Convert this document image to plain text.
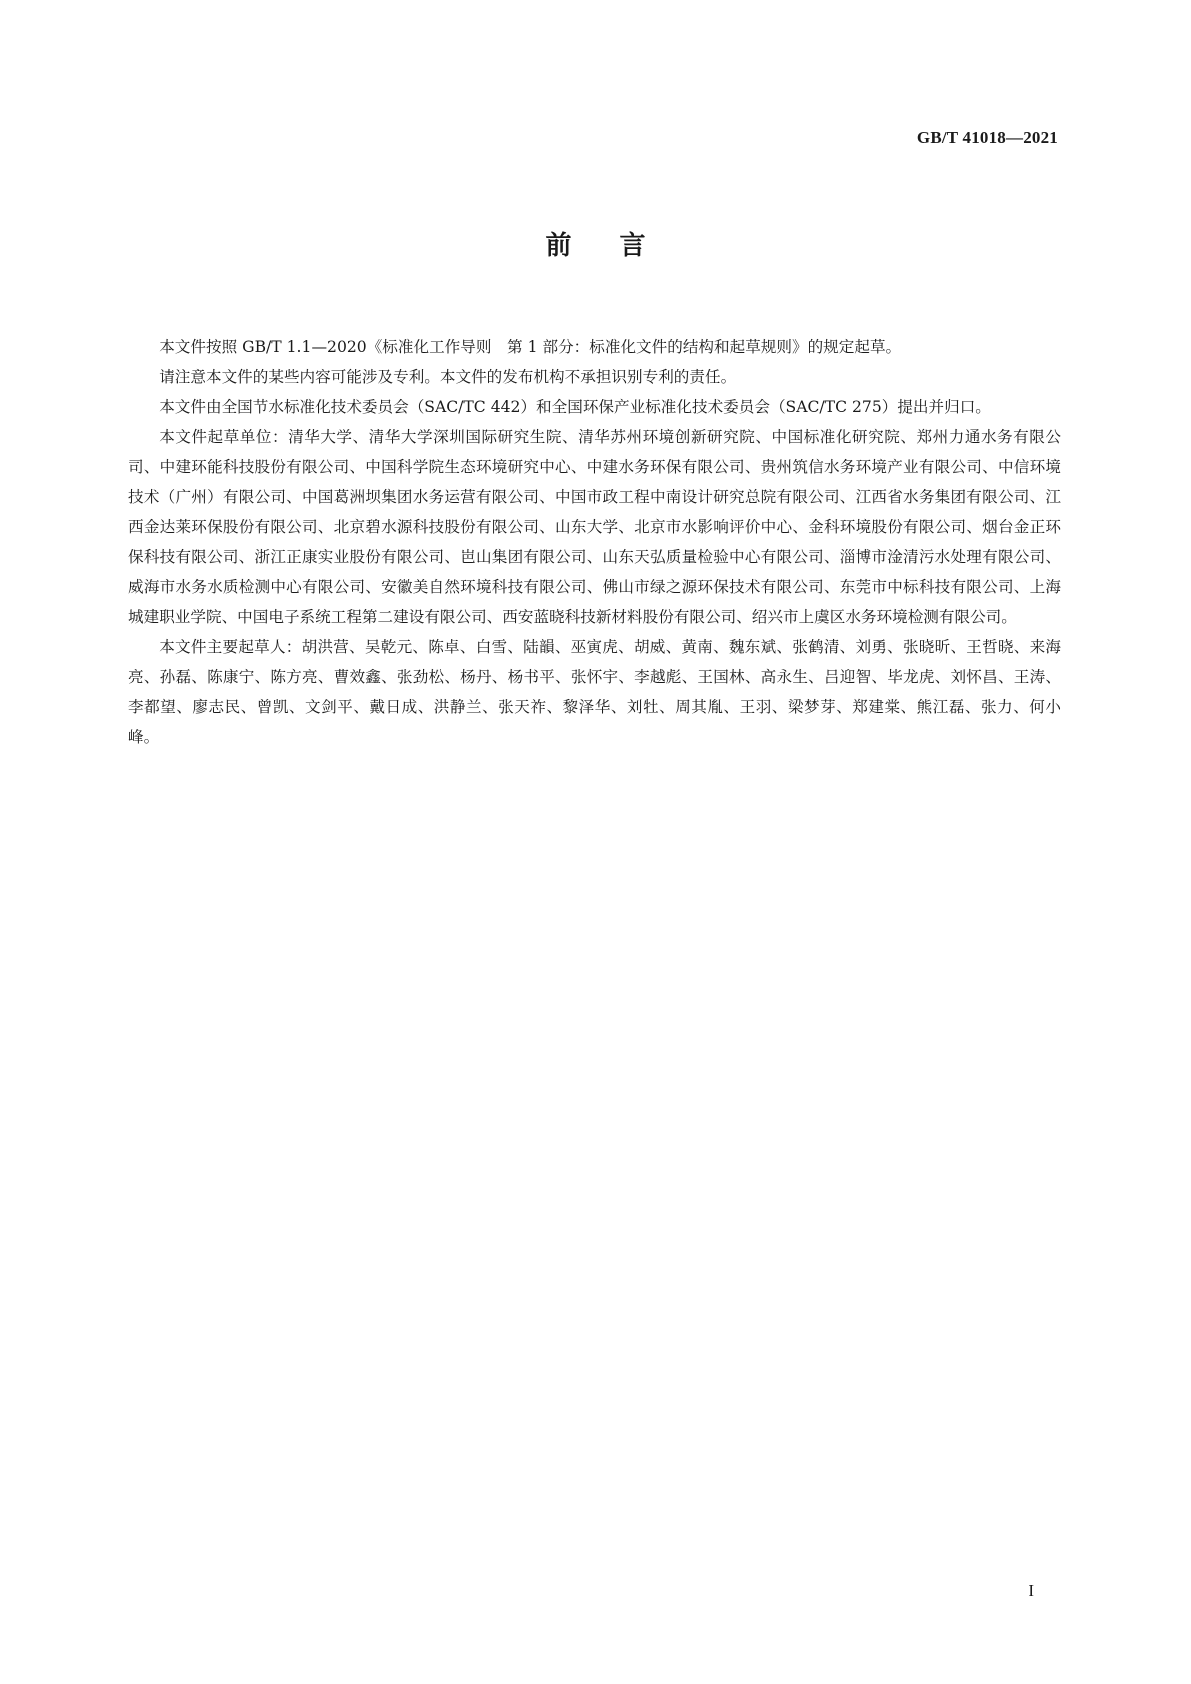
GB/T 41018—2021
前言

本文件按照 GB/T 1.1—2020《标准化工作导则　第 1 部分：标准化文件的结构和起草规则》的规定起草。

请注意本文件的某些内容可能涉及专利。本文件的发布机构不承担识别专利的责任。

本文件由全国节水标准化技术委员会（SAC/TC 442）和全国环保产业标准化技术委员会（SAC/TC 275）提出并归口。

本文件起草单位：清华大学、清华大学深圳国际研究生院、清华苏州环境创新研究院、中国标准化研究院、郑州力通水务有限公司、中建环能科技股份有限公司、中国科学院生态环境研究中心、中建水务环保有限公司、贵州筑信水务环境产业有限公司、中信环境技术（广州）有限公司、中国葛洲坝集团水务运营有限公司、中国市政工程中南设计研究总院有限公司、江西省水务集团有限公司、江西金达莱环保股份有限公司、北京碧水源科技股份有限公司、山东大学、北京市水影响评价中心、金科环境股份有限公司、烟台金正环保科技有限公司、浙江正康实业股份有限公司、岜山集团有限公司、山东天弘质量检验中心有限公司、淄博市淦清污水处理有限公司、威海市水务水质检测中心有限公司、安徽美自然环境科技有限公司、佛山市绿之源环保技术有限公司、东莞市中标科技有限公司、上海城建职业学院、中国电子系统工程第二建设有限公司、西安蓝晓科技新材料股份有限公司、绍兴市上虞区水务环境检测有限公司。

本文件主要起草人：胡洪营、吴乾元、陈卓、白雪、陆韻、巫寅虎、胡威、黄南、魏东斌、张鹤清、刘勇、张晓昕、王哲晓、来海亮、孙磊、陈康宁、陈方亮、曹效鑫、张劲松、杨丹、杨书平、张怀宇、李越彪、王国林、高永生、吕迎智、毕龙虎、刘怀昌、王涛、李都望、廖志民、曾凯、文剑平、戴日成、洪静兰、张天祚、黎泽华、刘牡、周其胤、王羽、梁梦芽、郑建棠、熊江磊、张力、何小峰。

I
